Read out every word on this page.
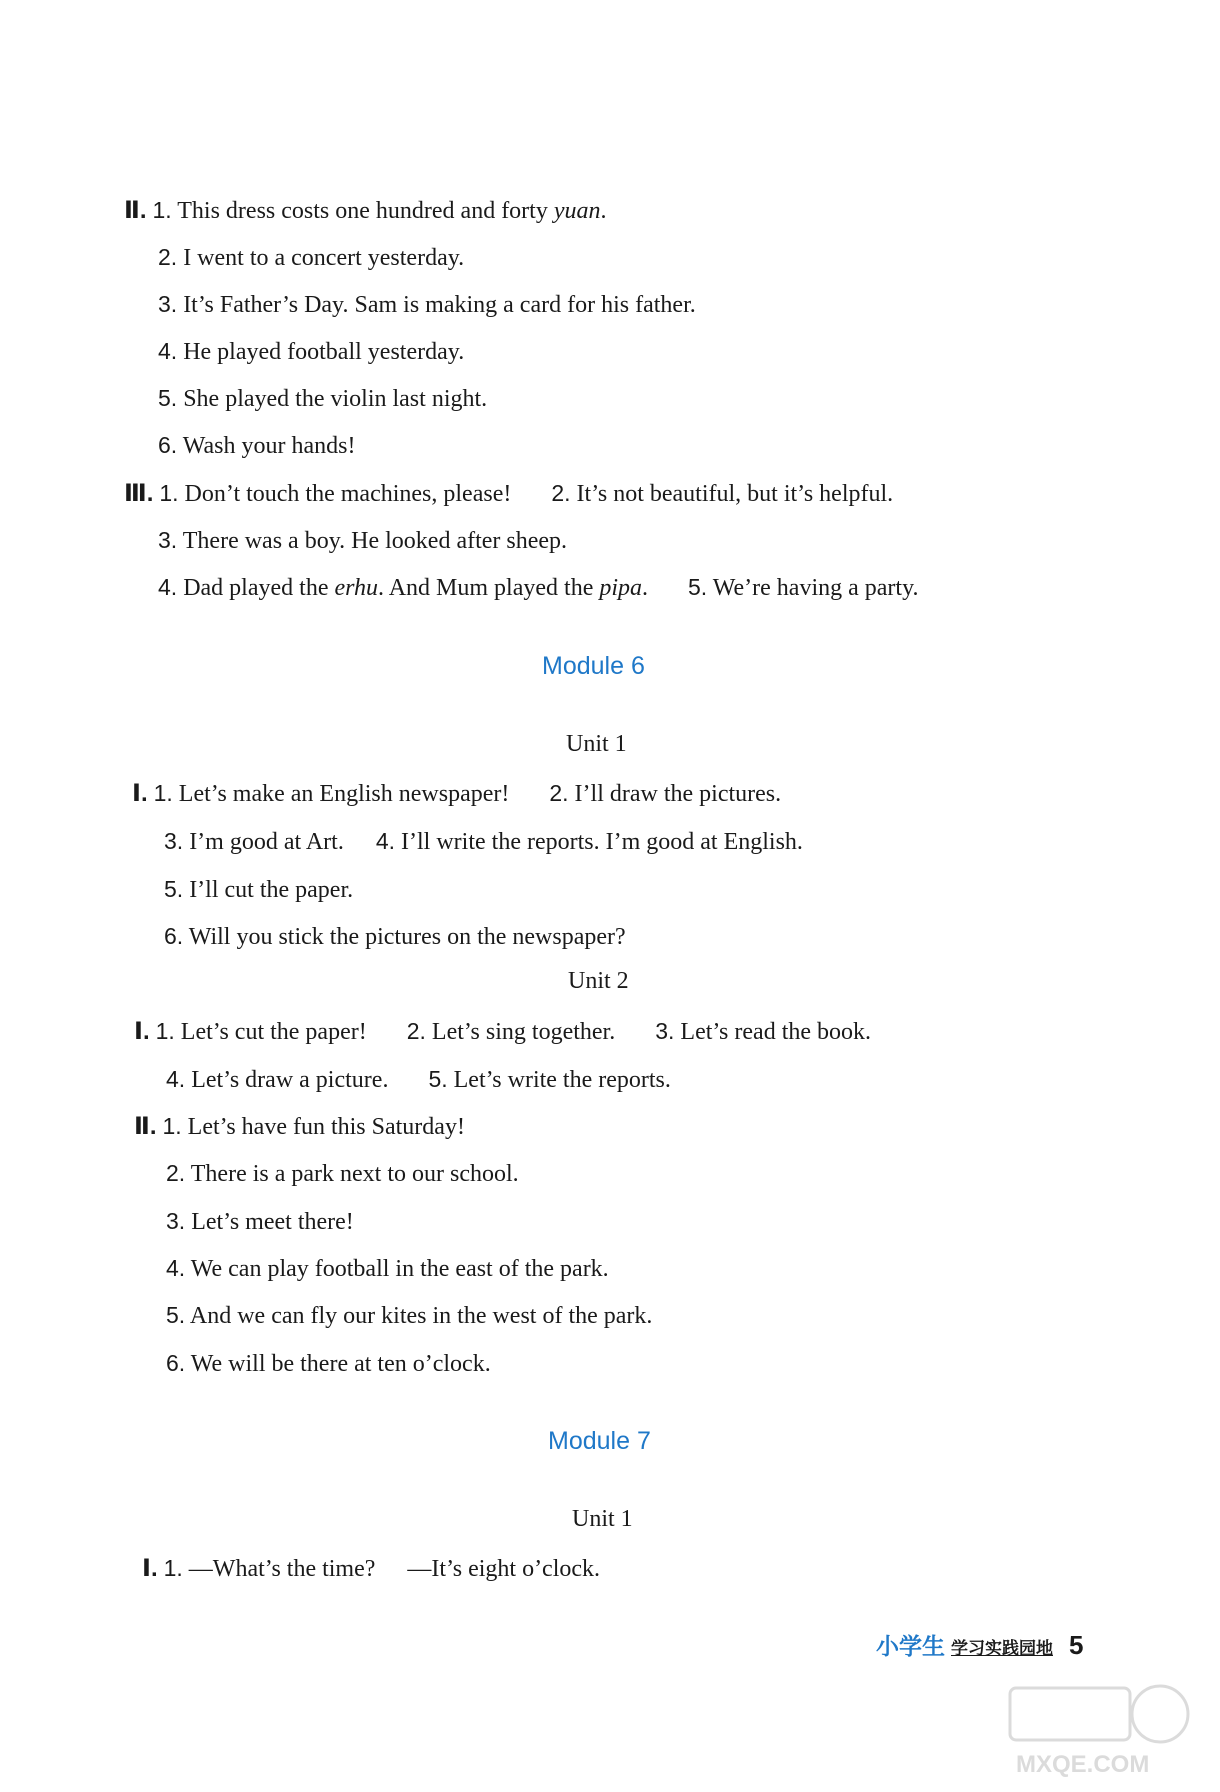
Ⅱ. 1. This dress costs one hundred and forty yuan.
2. I went to a concert yesterday.
3. It’s Father’s Day. Sam is making a card for his father.
4. He played football yesterday.
5. She played the violin last night.
6. Wash your hands!
Ⅲ. 1. Don’t touch the machines, please! 2. It’s not beautiful, but it’s helpful.
3. There was a boy. He looked after sheep.
4. Dad played the erhu. And Mum played the pipa. 5. We’re having a party.
Module 6
Unit 1
Ⅰ. 1. Let’s make an English newspaper! 2. I’ll draw the pictures.
3. I’m good at Art. 4. I’ll write the reports. I’m good at English.
5. I’ll cut the paper.
6. Will you stick the pictures on the newspaper?
Unit 2
Ⅰ. 1. Let’s cut the paper! 2. Let’s sing together. 3. Let’s read the book.
4. Let’s draw a picture. 5. Let’s write the reports.
Ⅱ. 1. Let’s have fun this Saturday!
2. There is a park next to our school.
3. Let’s meet there!
4. We can play football in the east of the park.
5. And we can fly our kites in the west of the park.
6. We will be there at ten o’clock.
Module 7
Unit 1
Ⅰ. 1. —What’s the time? —It’s eight o’clock.
小学生 学习实践园地 5
MXQE.COM
